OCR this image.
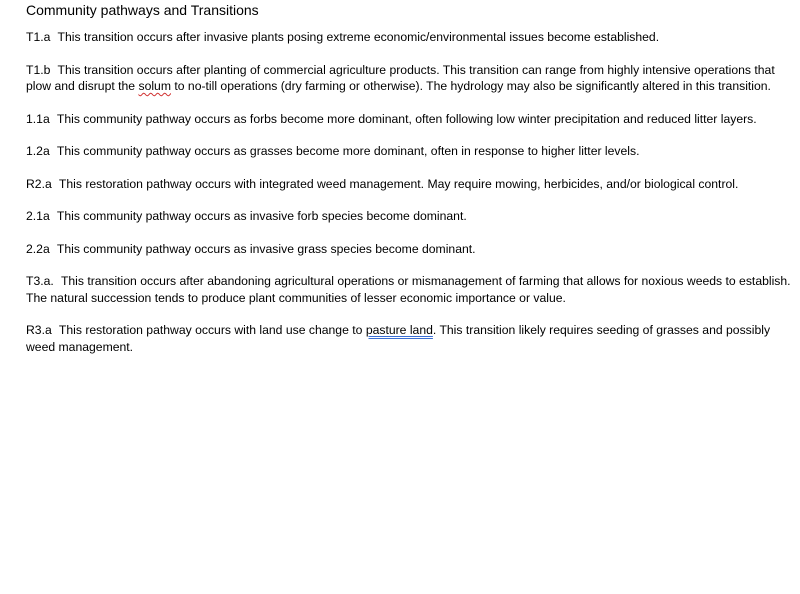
Community pathways and Transitions

T1.a This transition occurs after invasive plants posing extreme economic/environmental issues become established.

T1.b This transition occurs after planting of commercial agriculture products. This transition can range from highly intensive operations that plow and disrupt the solum to no-till operations (dry farming or otherwise). The hydrology may also be significantly altered in this transition.

1.1a This community pathway occurs as forbs become more dominant, often following low winter precipitation and reduced litter layers.

1.2a This community pathway occurs as grasses become more dominant, often in response to higher litter levels.

R2.a This restoration pathway occurs with integrated weed management. May require mowing, herbicides, and/or biological control.

2.1a This community pathway occurs as invasive forb species become dominant.

2.2a This community pathway occurs as invasive grass species become dominant.

T3.a. This transition occurs after abandoning agricultural operations or mismanagement of farming that allows for noxious weeds to establish. The natural succession tends to produce plant communities of lesser economic importance or value.

R3.a This restoration pathway occurs with land use change to pasture land. This transition likely requires seeding of grasses and possibly weed management.
